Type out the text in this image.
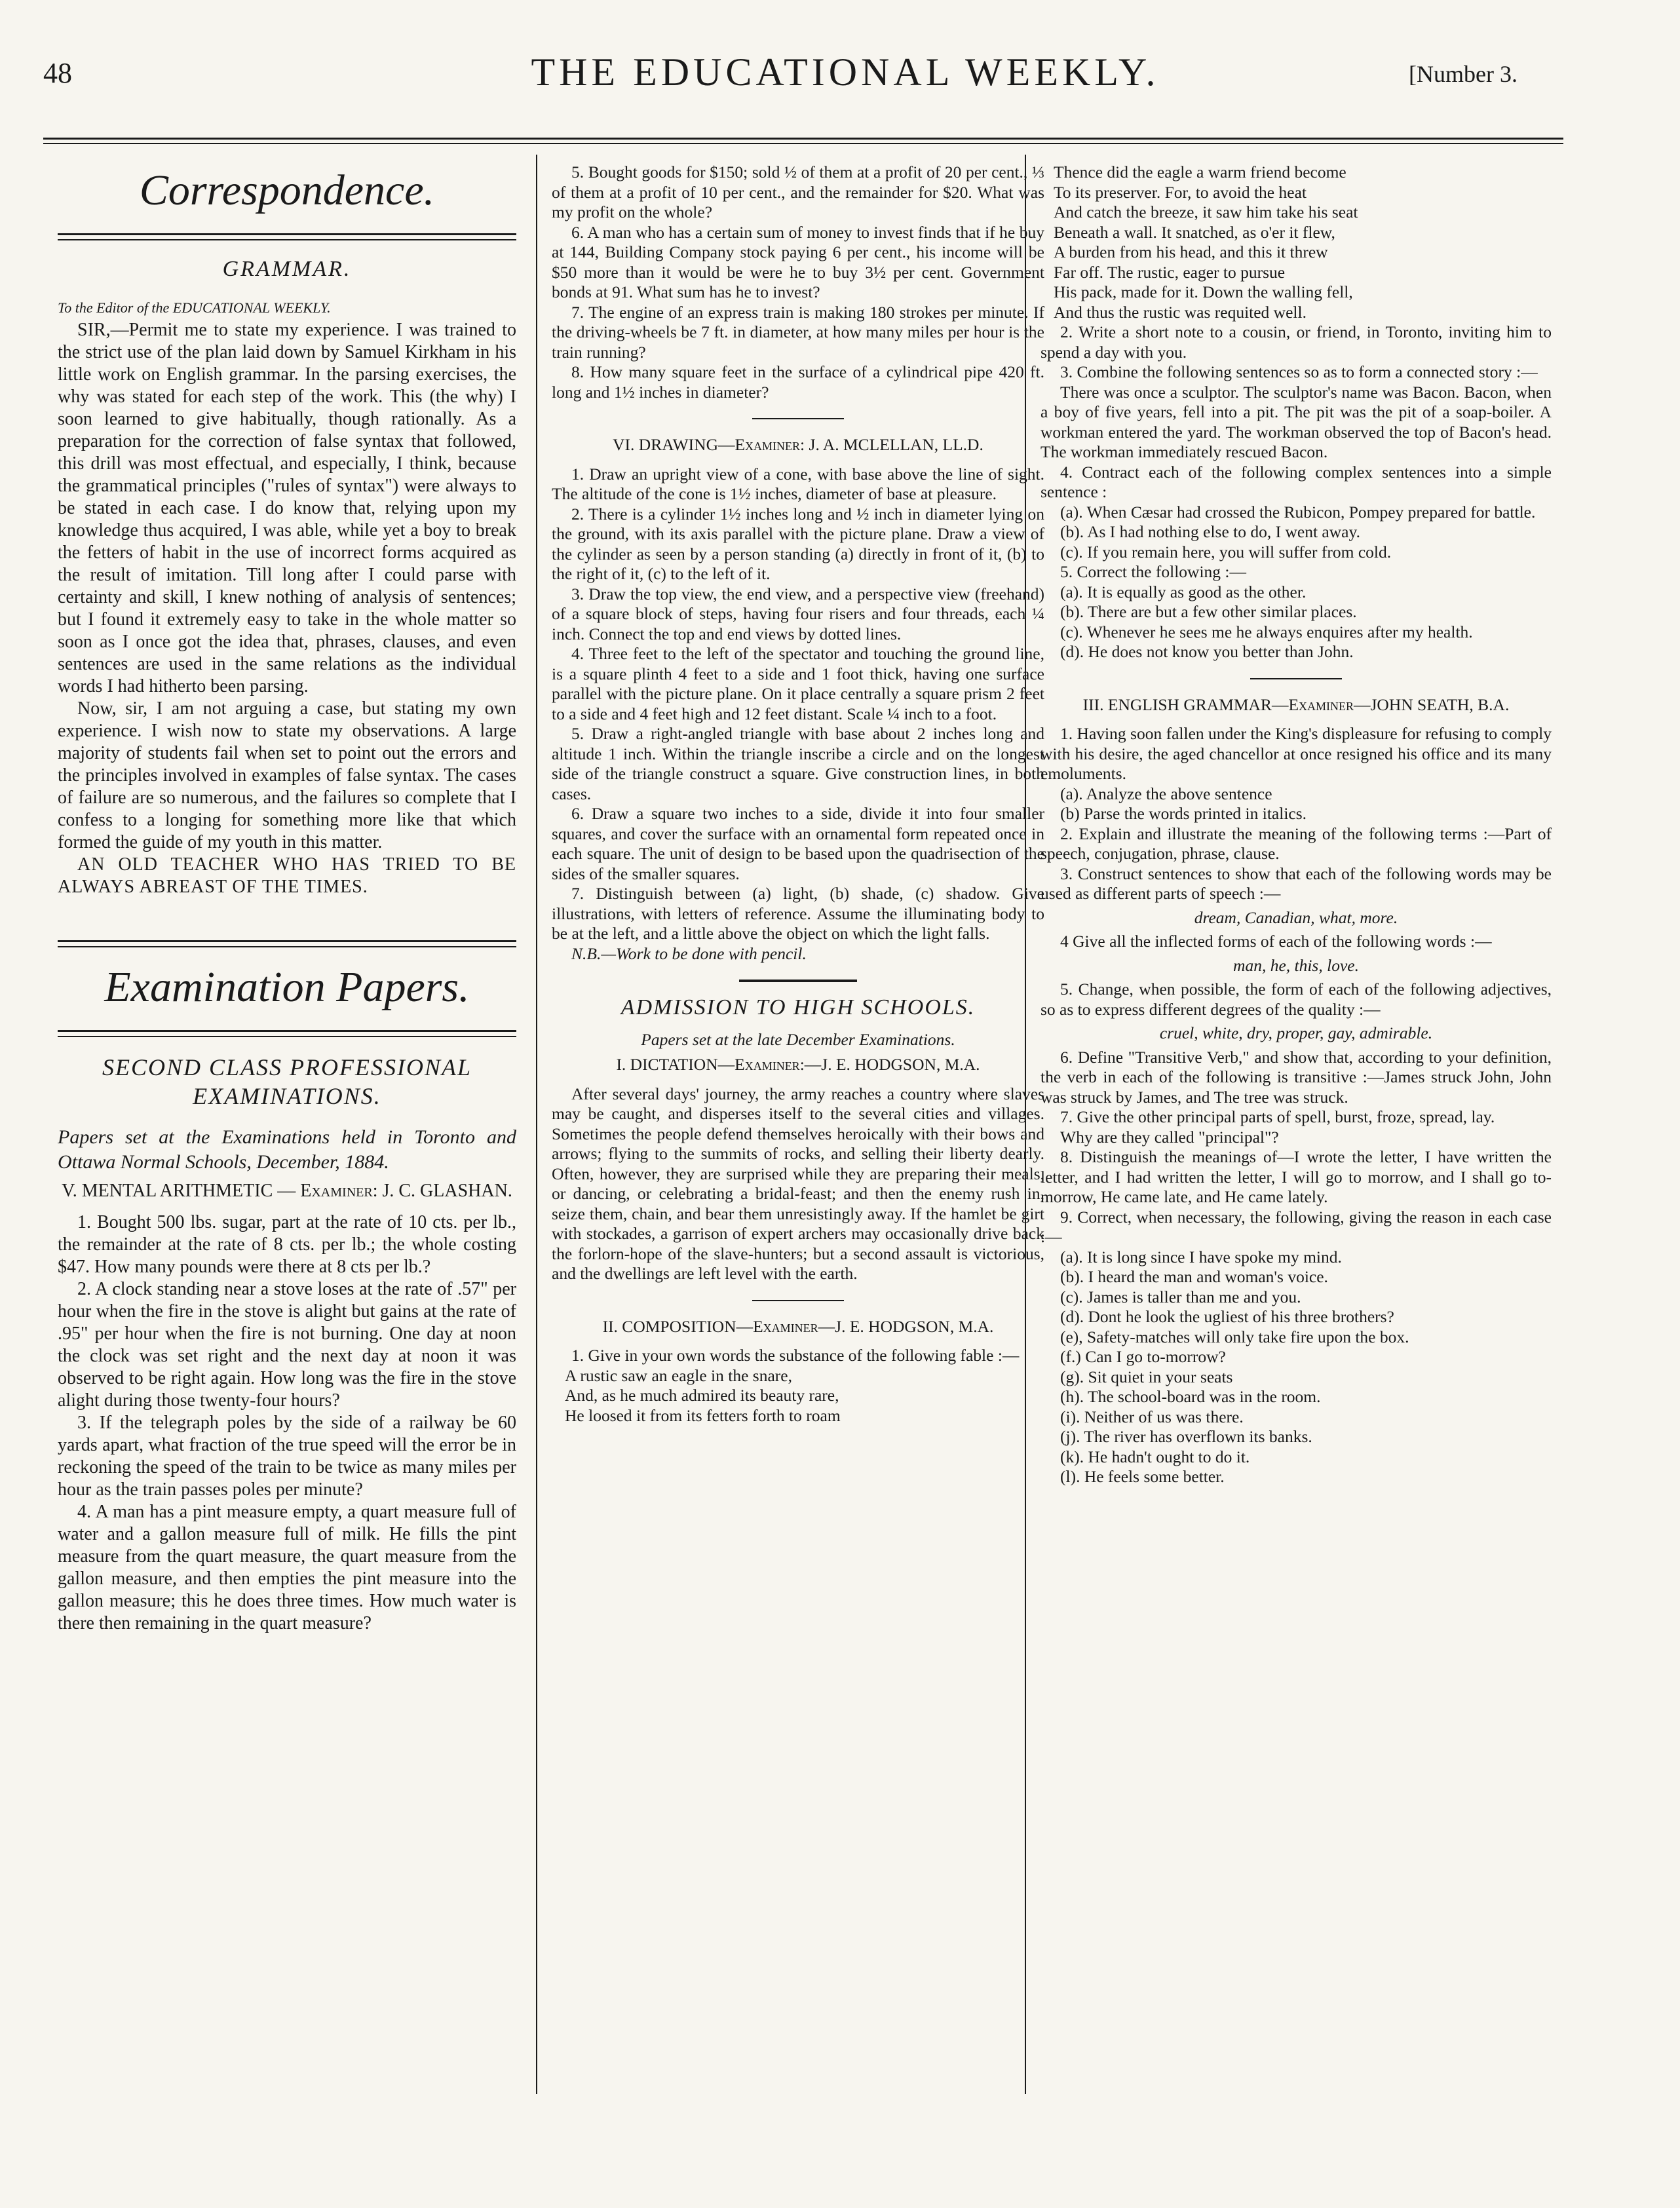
48	THE EDUCATIONAL WEEKLY.	[Number 3.
Correspondence.
GRAMMAR.

To the Editor of the EDUCATIONAL WEEKLY.

SIR,—Permit me to state my experience. I was trained to the strict use of the plan laid down by Samuel Kirkham in his little work on English grammar. In the parsing exercises, the why was stated for each step of the work. This (the why) I soon learned to give habitually, though rationally. As a preparation for the correction of false syntax that followed, this drill was most effectual, and especially, I think, because the grammatical principles ("rules of syntax") were always to be stated in each case. I do know that, relying upon my knowledge thus acquired, I was able, while yet a boy to break the fetters of habit in the use of incorrect forms acquired as the result of imitation. Till long after I could parse with certainty and skill, I knew nothing of analysis of sentences; but I found it extremely easy to take in the whole matter so soon as I once got the idea that, phrases, clauses, and even sentences are used in the same relations as the individual words I had hitherto been parsing.

Now, sir, I am not arguing a case, but stating my own experience. I wish now to state my observations. A large majority of students fail when set to point out the errors and the principles involved in examples of false syntax. The cases of failure are so numerous, and the failures so complete that I confess to a longing for something more like that which formed the guide of my youth in this matter.

AN OLD TEACHER WHO HAS TRIED TO BE ALWAYS ABREAST OF THE TIMES.

Examination Papers.
SECOND CLASS PROFESSIONAL EXAMINATIONS.

Papers set at the Examinations held in Toronto and Ottawa Normal Schools, December, 1884.

V. MENTAL ARITHMETIC — Examiner: J. C. GLASHAN.

1. Bought 500 lbs. sugar, part at the rate of 10 cts. per lb., the remainder at the rate of 8 cts. per lb.; the whole costing $47. How many pounds were there at 8 cts per lb.?

2. A clock standing near a stove loses at the rate of .57" per hour when the fire in the stove is alight but gains at the rate of .95" per hour when the fire is not burning. One day at noon the clock was set right and the next day at noon it was observed to be right again. How long was the fire in the stove alight during those twenty-four hours?

3. If the telegraph poles by the side of a railway be 60 yards apart, what fraction of the true speed will the error be in reckoning the speed of the train to be twice as many miles per hour as the train passes poles per minute?

4. A man has a pint measure empty, a quart measure full of water and a gallon measure full of milk. He fills the pint measure from the quart measure, the quart measure from the gallon measure, and then empties the pint measure into the gallon measure; this he does three times. How much water is there then remaining in the quart measure?

5. Bought goods for $150; sold ½ of them at a profit of 20 per cent., ⅓ of them at a profit of 10 per cent., and the remainder for $20. What was my profit on the whole?

6. A man who has a certain sum of money to invest finds that if he buy at 144, Building Company stock paying 6 per cent., his income will be $50 more than it would be were he to buy 3½ per cent. Government bonds at 91. What sum has he to invest?

7. The engine of an express train is making 180 strokes per minute. If the driving-wheels be 7 ft. in diameter, at how many miles per hour is the train running?

8. How many square feet in the surface of a cylindrical pipe 420 ft. long and 1½ inches in diameter?

VI. DRAWING—Examiner: J. A. MCLELLAN, LL.D.

1. Draw an upright view of a cone, with base above the line of sight. The altitude of the cone is 1½ inches, diameter of base at pleasure.

2. There is a cylinder 1½ inches long and ½ inch in diameter lying on the ground, with its axis parallel with the picture plane. Draw a view of the cylinder as seen by a person standing (a) directly in front of it, (b) to the right of it, (c) to the left of it.

3. Draw the top view, the end view, and a perspective view (freehand) of a square block of steps, having four risers and four threads, each ¼ inch. Connect the top and end views by dotted lines.

4. Three feet to the left of the spectator and touching the ground line, is a square plinth 4 feet to a side and 1 foot thick, having one surface parallel with the picture plane. On it place centrally a square prism 2 feet to a side and 4 feet high and 12 feet distant. Scale ¼ inch to a foot.

5. Draw a right-angled triangle with base about 2 inches long and altitude 1 inch. Within the triangle inscribe a circle and on the longest side of the triangle construct a square. Give construction lines, in both cases.

6. Draw a square two inches to a side, divide it into four smaller squares, and cover the surface with an ornamental form repeated once in each square. The unit of design to be based upon the quadrisection of the sides of the smaller squares.

7. Distinguish between (a) light, (b) shade, (c) shadow. Give illustrations, with letters of reference. Assume the illuminating body to be at the left, and a little above the object on which the light falls.

N.B.—Work to be done with pencil.

ADMISSION TO HIGH SCHOOLS.

Papers set at the late December Examinations.

I. DICTATION—Examiner:—J. E. HODGSON, M.A.

After several days' journey, the army reaches a country where slaves may be caught, and disperses itself to the several cities and villages. Sometimes the people defend themselves heroically with their bows and arrows; flying to the summits of rocks, and selling their liberty dearly. Often, however, they are surprised while they are preparing their meals, or dancing, or celebrating a bridal-feast; and then the enemy rush in, seize them, chain, and bear them unresistingly away. If the hamlet be girt with stockades, a garrison of expert archers may occasionally drive back the forlorn-hope of the slave-hunters; but a second assault is victorious, and the dwellings are left level with the earth.

II. COMPOSITION—Examiner—J. E. HODGSON, M.A.

1. Give in your own words the substance of the following fable :—

A rustic saw an eagle in the snare,

And, as he much admired its beauty rare,

He loosed it from its fetters forth to roam

Thence did the eagle a warm friend become

To its preserver. For, to avoid the heat

And catch the breeze, it saw him take his seat

Beneath a wall. It snatched, as o'er it flew,

A burden from his head, and this it threw

Far off. The rustic, eager to pursue

His pack, made for it. Down the walling fell,

And thus the rustic was requited well.

2. Write a short note to a cousin, or friend, in Toronto, inviting him to spend a day with you.

3. Combine the following sentences so as to form a connected story :—

There was once a sculptor. The sculptor's name was Bacon. Bacon, when a boy of five years, fell into a pit. The pit was the pit of a soap-boiler. A workman entered the yard. The workman observed the top of Bacon's head. The workman immediately rescued Bacon.

4. Contract each of the following complex sentences into a simple sentence :

(a). When Cæsar had crossed the Rubicon, Pompey prepared for battle.

(b). As I had nothing else to do, I went away.

(c). If you remain here, you will suffer from cold.

5. Correct the following :—

(a). It is equally as good as the other.

(b). There are but a few other similar places.

(c). Whenever he sees me he always enquires after my health.

(d). He does not know you better than John.

III. ENGLISH GRAMMAR—Examiner—JOHN SEATH, B.A.

1. Having soon fallen under the King's displeasure for refusing to comply with his desire, the aged chancellor at once resigned his office and its many emoluments.

(a). Analyze the above sentence

(b) Parse the words printed in italics.

2. Explain and illustrate the meaning of the following terms :—Part of speech, conjugation, phrase, clause.

3. Construct sentences to show that each of the following words may be used as different parts of speech :—

dream, Canadian, what, more.

4 Give all the inflected forms of each of the following words :—

man, he, this, love.

5. Change, when possible, the form of each of the following adjectives, so as to express different degrees of the quality :—

cruel, white, dry, proper, gay, admirable.

6. Define "Transitive Verb," and show that, according to your definition, the verb in each of the following is transitive :—James struck John, John was struck by James, and The tree was struck.

7. Give the other principal parts of spell, burst, froze, spread, lay.

Why are they called "principal"?

8. Distinguish the meanings of—I wrote the letter, I have written the letter, and I had written the letter, I will go to morrow, and I shall go to-morrow, He came late, and He came lately.

9. Correct, when necessary, the following, giving the reason in each case :—

(a). It is long since I have spoke my mind.

(b). I heard the man and woman's voice.

(c). James is taller than me and you.

(d). Dont he look the ugliest of his three brothers?

(e), Safety-matches will only take fire upon the box.

(f.) Can I go to-morrow?

(g). Sit quiet in your seats

(h). The school-board was in the room.

(i). Neither of us was there.

(j). The river has overflown its banks.

(k). He hadn't ought to do it.

(l). He feels some better.
